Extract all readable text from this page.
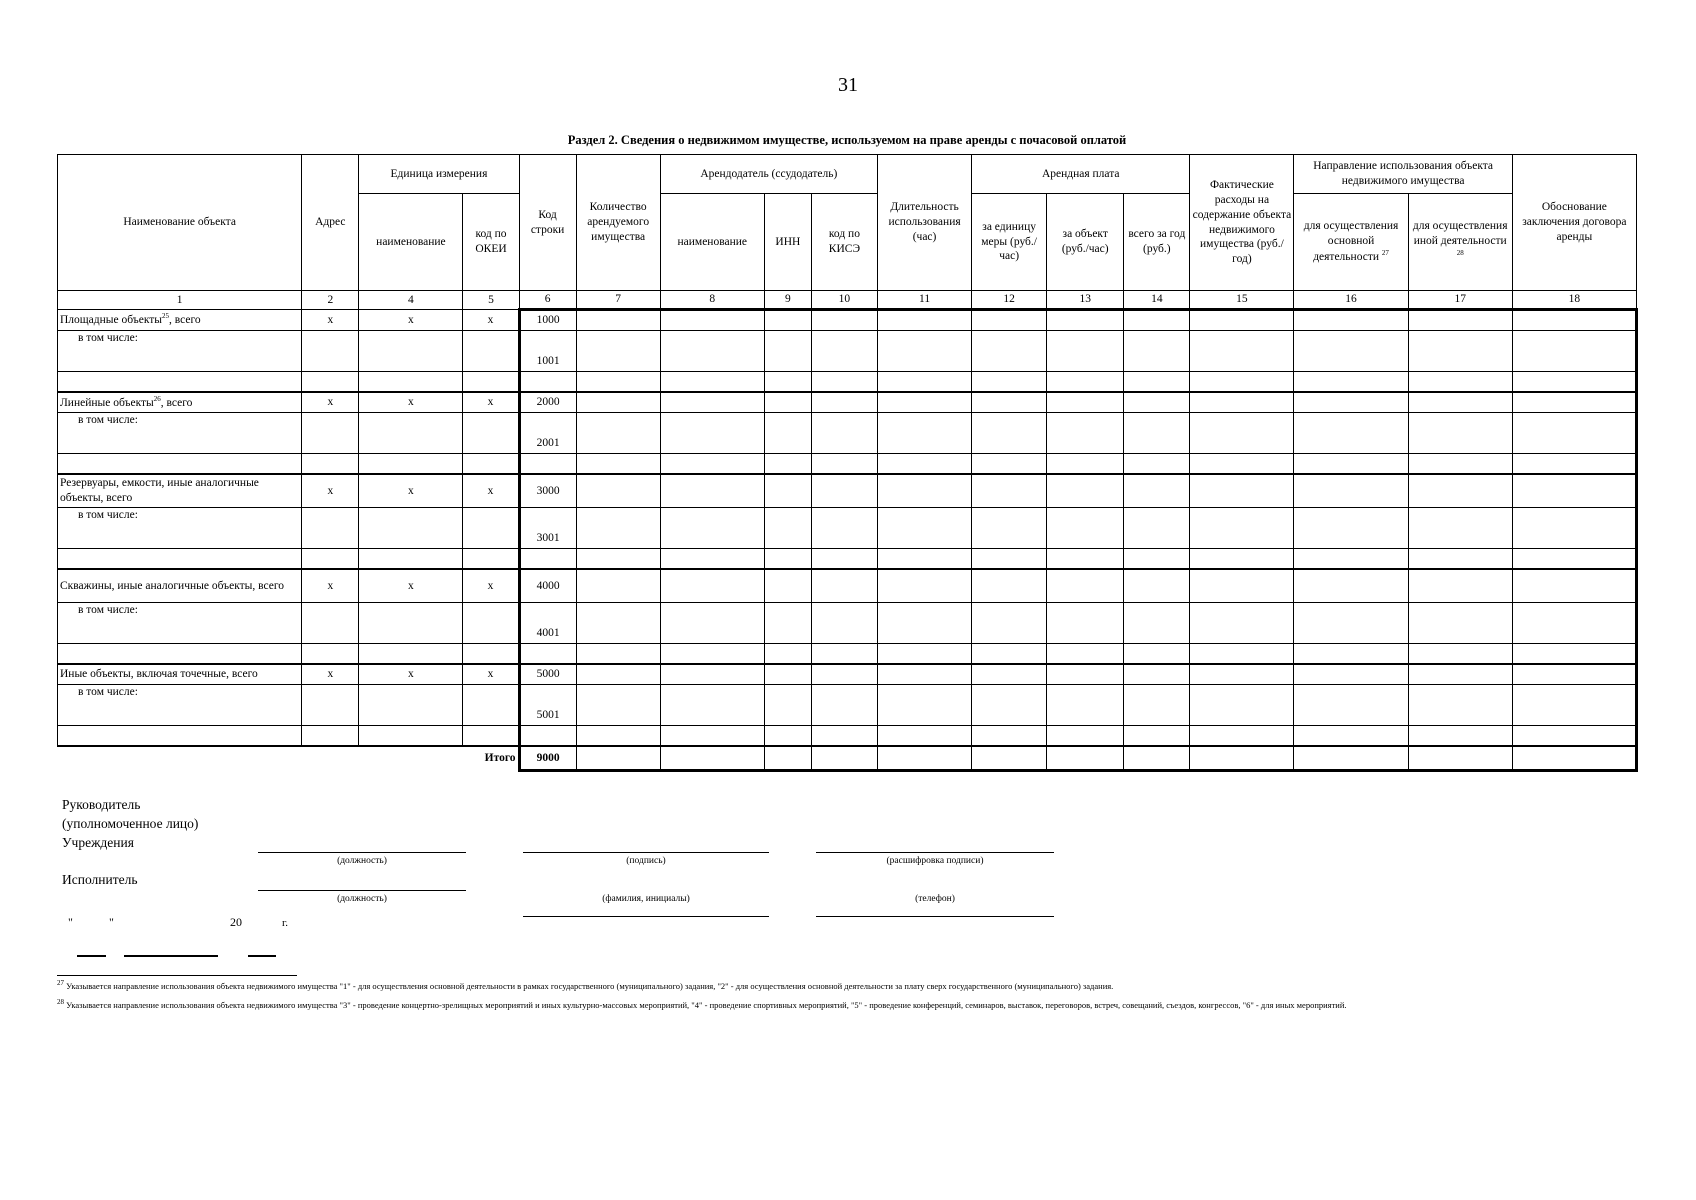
31
Раздел 2. Сведения о недвижимом имуществе, используемом на праве аренды с почасовой оплатой
Наименование объекта	Адрес	Единица измерения		Код строки	Количество арендуемого имущества	Арендодатель (ссудодатель)			Длительность использования (час)	Арендная плата			Фактические расходы на содержание объекта недвижимого имущества (руб./год)	Направление использования объекта недвижимого имущества		Обоснование заключения договора аренды
		наименование	код по ОКЕИ			наименование	ИНН	код по КИСЭ		за единицу меры (руб./час)	за объект (руб./час)	всего за год (руб.)		для осуществления основной деятельности $^{27}$	для осуществления иной деятельности $^{28}$
1	2	4	5	6	7	8	9	10	11	12	13	14	15	16	17	18
Площадные объекты$^{25}$, всего	x	x	x	1000												
в том числе:				1001												

Линейные объекты$^{26}$, всего	x	x	x	2000												
в том числе:				2001												

Резервуары, емкости, иные аналогичные объекты, всего	x	x	x	3000												
в том числе:				3001												

Скважины, иные аналогичные объекты, всего	x	x	x	4000												
в том числе:				4001												

Иные объекты, включая точечные, всего	x	x	x	5000												
в том числе:				5001												

Итого				9000												
Руководитель
(уполномоченное лицо)
Учреждения
(должность)	(подпись)	(расшифровка подписи)
Исполнитель
(должность)	(фамилия, инициалы)	(телефон)
"	"	20	г.
$^{27}$ Указывается направление использования объекта недвижимого имущества "1" - для осуществления основной деятельности в рамках государственного (муниципального) задания, "2" - для осуществления основной деятельности за плату сверх государственного (муниципального) задания.
$^{28}$ Указывается направление использования объекта недвижимого имущества "3" - проведение концертно-зрелищных мероприятий и иных культурно-массовых мероприятий, "4" - проведение спортивных мероприятий, "5" - проведение конференций, семинаров, выставок, переговоров, встреч, совещаний, съездов, конгрессов, "6" - для иных мероприятий.
